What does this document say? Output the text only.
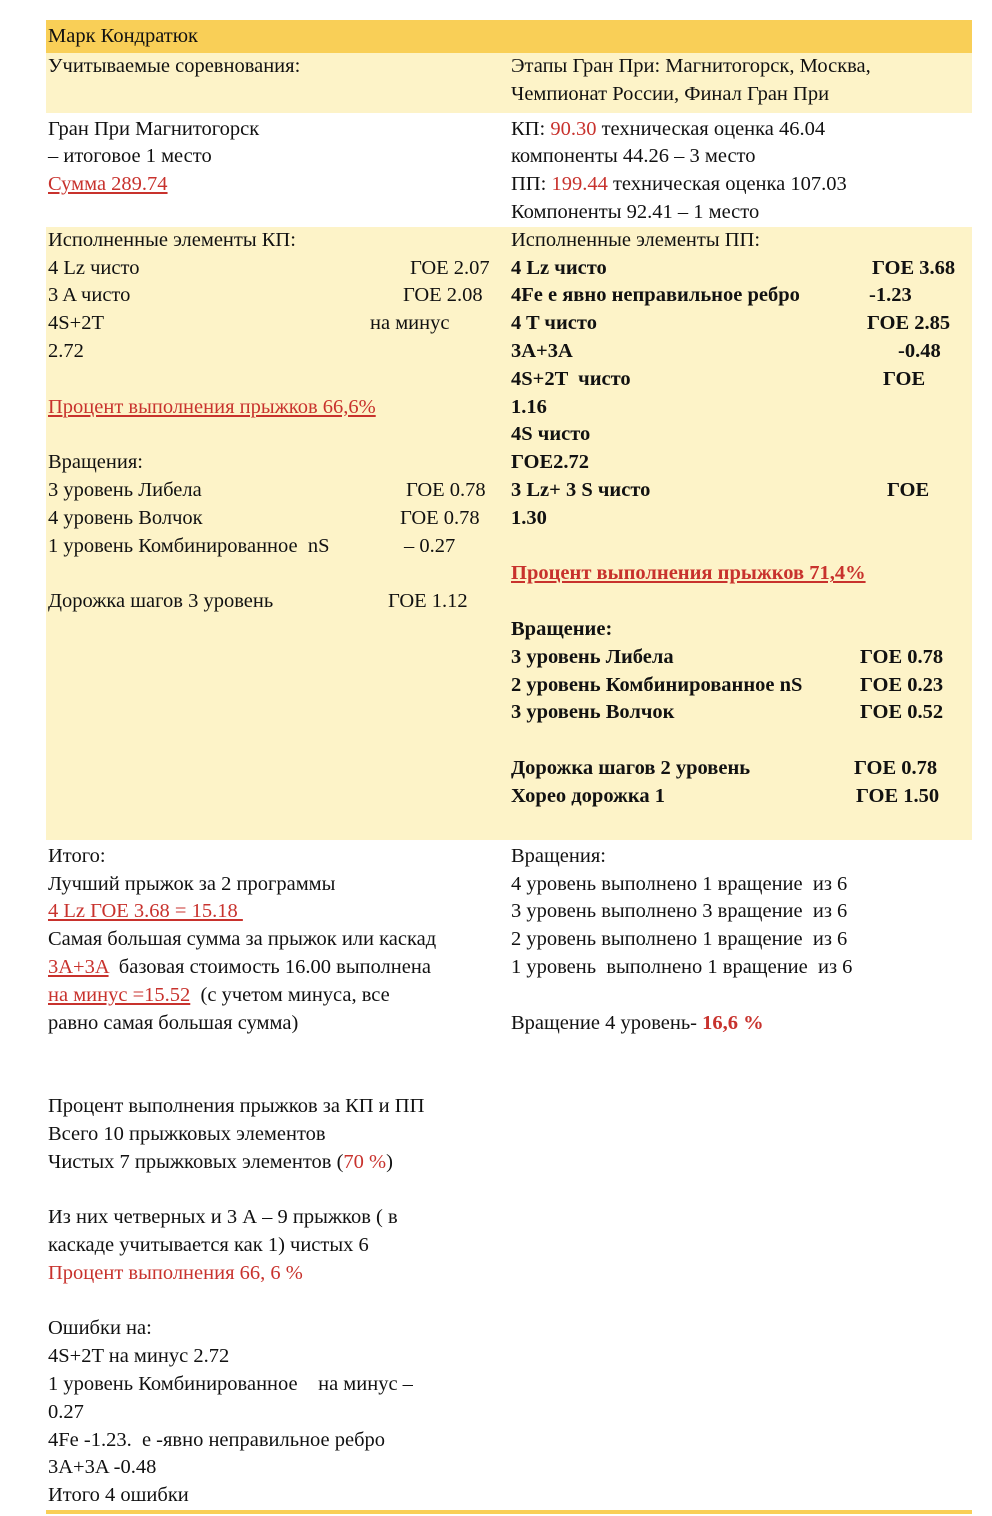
Марк Кондратюк
Учитываемые соревнования:	Этапы Гран При: Магнитогорск, Москва,
Чемпионат России, Финал Гран При
Гран При Магнитогорск
– итоговое 1 место
Сумма 289.74
КП: 90.30 техническая оценка 46.04
компоненты 44.26 – 3 место
ПП: 199.44 техническая оценка 107.03
Компоненты 92.41 – 1 место
Исполненные элементы КП:
4 Lz чисто	ГОЕ 2.07
3 A чисто	ГОЕ 2.08
4S+2T	на минус
2.72
Процент выполнения прыжков 66,6%
Вращения:
3 уровень Либела	ГОЕ 0.78
4 уровень Волчок	ГОЕ 0.78
1 уровень Комбинированное  nS	– 0.27
Дорожка шагов 3 уровень	ГОЕ 1.12
Исполненные элементы ПП:
4 Lz чисто	ГОЕ 3.68
4Fe е явно неправильное ребро	-1.23
4 T чисто	ГОЕ 2.85
3A+3A	-0.48
4S+2T  чисто	ГОЕ
1.16
4S чисто
ГОЕ2.72
3 Lz+ 3 S чисто	ГОЕ
1.30
Процент выполнения прыжков 71,4%
Вращение:
3 уровень Либела	ГОЕ 0.78
2 уровень Комбинированное nS	ГОЕ 0.23
3 уровень Волчок	ГОЕ 0.52
Дорожка шагов 2 уровень	ГОЕ 0.78
Хорео дорожка 1	ГОЕ 1.50
Итого:
Лучший прыжок за 2 программы
4 Lz ГОЕ 3.68 = 15.18
Самая большая сумма за прыжок или каскад
3A+3A  базовая стоимость 16.00 выполнена
на минус =15.52  (с учетом минуса, все
равно самая большая сумма)
Процент выполнения прыжков за КП и ПП
Всего 10 прыжковых элементов
Чистых 7 прыжковых элементов (70 %)
Из них четверных и 3 А – 9 прыжков ( в
каскаде учитывается как 1) чистых 6
Процент выполнения 66, 6 %
Ошибки на:
4S+2T на минус 2.72
1 уровень Комбинированное    на минус –
0.27
4Fe -1.23.  е -явно неправильное ребро
3A+3A -0.48
Итого 4 ошибки
Вращения:
4 уровень выполнено 1 вращение  из 6
3 уровень выполнено 3 вращение  из 6
2 уровень выполнено 1 вращение  из 6
1 уровень  выполнено 1 вращение  из 6
Вращение 4 уровень- 16,6 %
